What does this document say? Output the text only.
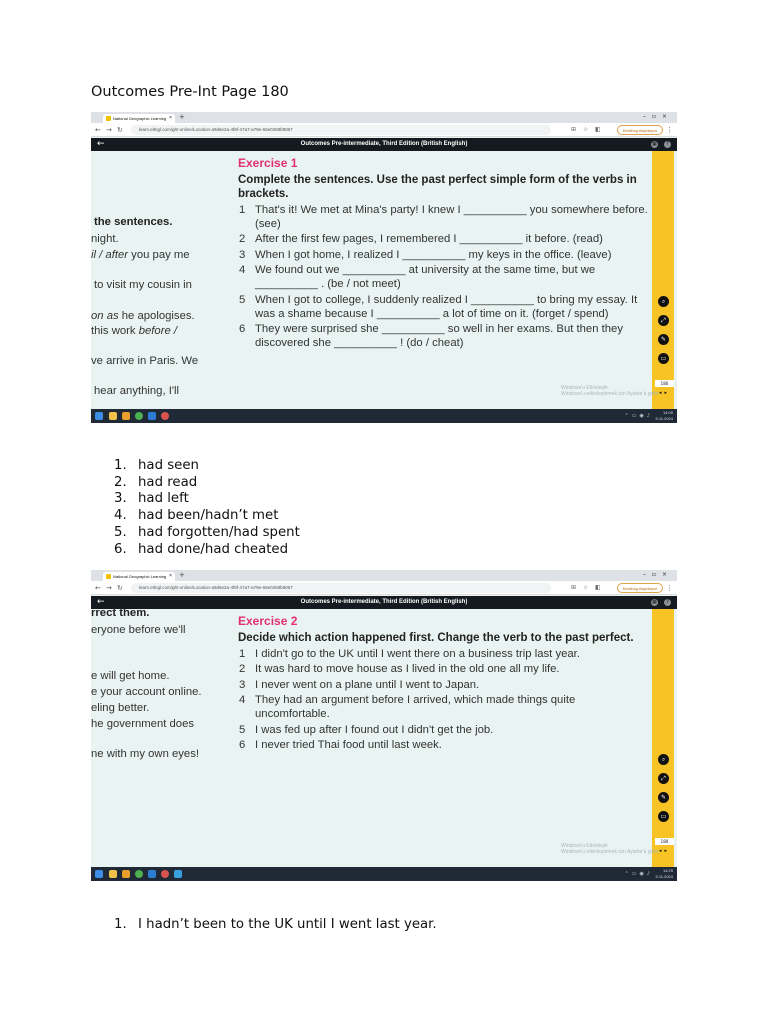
Outcomes Pre-Int Page 180
National Geographic Learning × +	–▫×
← → ↻	learn.eltngl.com/gltr-online/Location-a9d6e2a-4f8f-47a7-a79e-65e0268b9067	⊞ ☆ ◧	Kerdhog ekyrdeyvn	⋮
←	Outcomes Pre-intermediate, Third Edition (British English)	▦	?
the sentences.
night.
il / after you pay me
to visit my cousin in
on as he apologises.
this work before /
ve arrive in Paris. We
hear anything, I'll
Exercise 1
Complete the sentences. Use the past perfect simple form of the verbs in brackets.
1 That's it! We met at Mina's party! I knew I __________ you somewhere before. (see)
2 After the first few pages, I remembered I __________ it before. (read)
3 When I got home, I realized I __________ my keys in the office. (leave)
4 We found out we __________ at university at the same time, but we __________ . (be / not meet)
5 When I got to college, I suddenly realized I __________ to bring my essay. It was a shame because I __________ a lot of time on it. (forget / spend)
6 They were surprised she __________ so well in her exams. But then they discovered she __________ ! (do / cheat)
⌕
⤢
✎
▭
180
◂▸
Windows'u Etkinleştir
Windows'u etkinleştirmek için Ayarlar'a gidin.
⌃▭◉♪
14:00
5.11.2024
1. had seen
2. had read
3. had left
4. had been/hadn’t met
5. had forgotten/had spent
6. had done/had cheated
National Geographic Learning × +	–▫×
← → ↻	learn.eltngl.com/gltr-online/Location-a9d6e2a-4f8f-47a7-a79e-65e0268b9067	⊞ ☆ ◧	Kerdhog ekyrdeyvn	⋮
←	Outcomes Pre-intermediate, Third Edition (British English)	▦	?
rrect them.
eryone before we'll
e will get home.
e your account online.
eling better.
he government does
ne with my own eyes!
Exercise 2
Decide which action happened first. Change the verb to the past perfect.
1 I didn't go to the UK until I went there on a business trip last year.
2 It was hard to move house as I lived in the old one all my life.
3 I never went on a plane until I went to Japan.
4 They had an argument before I arrived, which made things quite uncomfortable.
5 I was fed up after I found out I didn't get the job.
6 I never tried Thai food until last week.
⌕
⤢
✎
▭
180
◂▸
Windows'u Etkinleştir
Windows'u etkinleştirmek için Ayarlar'a gidin.
⌃▭◉♪
14:25
5.11.2024
1. I hadn’t been to the UK until I went last year.
